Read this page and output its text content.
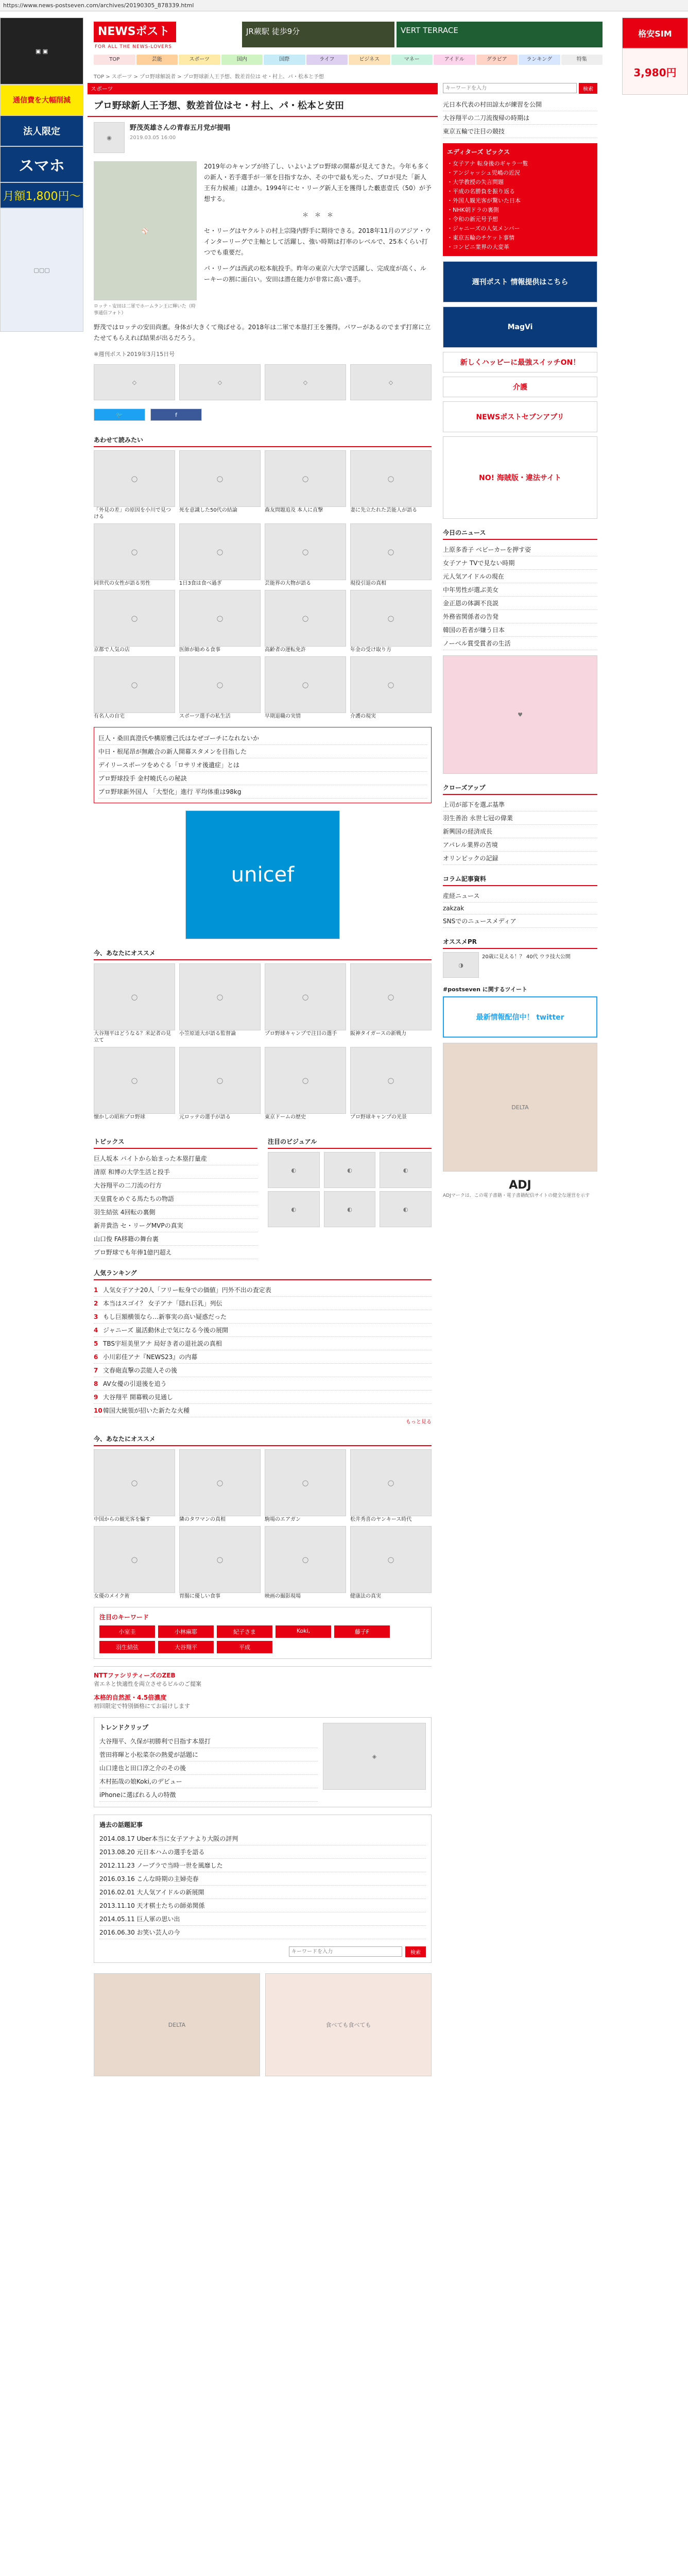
https://www.news-postseven.com/archives/20190305_878339.html
▣ ▣
通信費を大幅削減
法人限定
スマホ
月額1,800円〜
▢▢▢
格安SIM
3,980円
NEWSポスト
FOR ALL THE NEWS-LOVERS
JR蕨駅 徒歩9分	VERT TERRACE
TOP	芸能	スポーツ	国内	国際	ライフ	ビジネス	マネー	アイドル	グラビア	ランキング	特集
TOP > スポーツ > プロ野球解説者 > プロ野球新人王予想、数差首位は せ・村上、パ・松本と予想
スポーツ
プロ野球新人王予想、数差首位はセ・村上、パ・松本と安田
◉
野茂英雄さんの青春五月党が提唱
2019.03.05 16:00
⚾
ロッテ・安田は二軍でホームラン王に輝いた（時事通信フォト）

2019年のキャンプが終了し、いよいよプロ野球の開幕が見えてきた。今年も多くの新人・若手選手が一軍を目指すなか、その中で最も光った、プロが見た「新人王有力候補」は誰か。1994年にセ・リーグ新人王を獲得した藪恵壹氏（50）が予想する。

＊　＊　＊

セ・リーグはヤクルトの村上宗隆内野手に期待できる。2018年11月のアジア・ウインターリーグで主軸として活躍し、強い時期は打率のレベルで、25本くらい打つでも重要だ。

パ・リーグは西武の松本航投手。昨年の東京六大学で活躍し、完成度が高く、ルーキーの割に面白い。安田は潜在能力が非常に高い選手。

野茂ではロッテの安田尚憲。身体が大きくて飛ばせる。2018年は二軍で本塁打王を獲得。パワーがあるのでまず打席に立たせてもらえれば結果が出るだろう。

※週刊ポスト2019年3月15日号

◇	◇	◇	◇
🐦	f
あわせて読みたい
◯
「外見の差」の原因を小川で見つける
◯
死を意識した50代の結論
◯
森友問題追及 本人に直撃
◯
妻に先立たれた芸能人が語る
◯
同世代の女性が語る男性
◯
1日3食は食べ過ぎ
◯
芸能界の大物が語る
◯
現役引退の真相
◯
京都で人気の店
◯
医師が勧める食事
◯
高齢者の運転免許
◯
年金の受け取り方
◯
有名人の自宅
◯
スポーツ選手の私生活
◯
早期退職の実情
◯
介護の現実
巨人・桑田真澄氏や構原雅己氏はなぜゴーチになれないか
中日・根尾昂が無敵合の新人開幕スタメンを目指した
デイリースポーツをめぐる「ロサリオ後遺症」とは
プロ野球投手 金村曉氏らの秘訣
プロ野球新外国人 「大型化」進行 平均体重は98kg
unicef
今、あなたにオススメ
◯
大谷翔平はどうなる？米記者の見立て
◯
小笠原道大が語る監督論
◯
プロ野球キャンプで注目の選手
◯
阪神タイガースの新戦力
◯
懐かしの昭和プロ野球
◯
元ロッテの選手が語る
◯
東京ドームの歴史
◯
プロ野球キャンプの光景
トピックス
巨人坂本 バイトから始まった本塁打量産
清原 和博の大学生活と投手
大谷翔平の二刀流の行方
天皇賞をめぐる馬たちの物語
羽生結弦 4回転の裏側
新井貴浩 セ・リーグMVPの真実
山口俊 FA移籍の舞台裏
プロ野球でも年俸1億円超え
注目のビジュアル
◐	◐	◐
◐	◐	◐
人気ランキング
1 人気女子アナ20人「フリー転身での価値」円外不出の査定表
2 本当はスゴイ？ 女子アナ「隠れ巨乳」列伝
3 もし巨額横領なら…新事実の高い疑惑だった
4 ジャニーズ 嵐活動休止で気になる今後の展開
5 TBS宇垣美里アナ 局好き者の退社説の真相
6 小川彩佳アナ『NEWS23』の内幕
7 文春砲直撃の芸能人その後
8 AV女優の引退後を追う
9 大谷翔平 開幕戦の見通し
10韓国大統領が招いた新たな火種
もっと見る
今、あなたにオススメ
◯
中国からの観光客を騙す
◯
隣のタワマンの真相
◯
駒場のエアガン
◯
松井秀喜のヤンキース時代
◯
女優のメイク術
◯
胃腸に優しい食事
◯
映画の撮影現場
◯
健康法の真実
注目のキーワード
小室圭	小林麻耶	紀子さま	Koki,	藤子F
羽生結弦	大谷翔平	平成
NTTファシリティーズのZEB
省エネと快適性を両立させるビルのご提案
本格的自然派・4.5倍濃度
初回限定で特別価格にてお届けします
トレンドクリップ
大谷翔平、久保が初勝利で目指す本塁打
菅田将暉と小松菜奈の熱愛が話題に
山口達也と田口淳之介のその後
木村拓哉の娘Koki,のデビュー
iPhoneに選ばれる人の特徴
◈
過去の話題記事
2014.08.17 Uber本当に女子アナより大阪の評判
2013.08.20 元日本ハムの選手を語る
2012.11.23 ノーブラで当時一世を風靡した
2016.03.16 こんな時期の主婦売春
2016.02.01 大人気アイドルの新展開
2013.11.10 天才棋士たちの師弟関係
2014.05.11 巨人軍の思い出
2016.06.30 お笑い芸人の今
キーワードを入力
検索
DELTA	食べても食べても
キーワードを入力
検索
元日本代表の村田諒太が練習を公開
大谷翔平の二刀流復帰の時期は
東京五輪で注目の競技
エディターズ ピックス
・女子アナ 転身後のギャラ一覧
・アンジャッシュ児嶋の近況
・大学教授の失言問題
・平成の名勝負を振り返る
・外国人観光客が驚いた日本
・NHK朝ドラの裏側
・令和の新元号予想
・ジャニーズの人気メンバー
・東京五輪のチケット事情
・コンビニ業界の大変革
週刊ポスト 情報提供はこちら
MagVi
新しくハッピーに最強スイッチON！
介護
NEWSポストセブンアプリ
NO! 海賊版・違法サイト
今日のニュース
上原多香子 ベビーカーを押す姿
女子アナ TVで見ない時期
元人気アイドルの現在
中年男性が選ぶ美女
金正恩の体調不良説
外務省関係者の告発
韓国の若者が嫌う日本
ノーベル賞受賞者の生活
♥
クローズアップ
上司が部下を選ぶ基準
羽生善治 永世七冠の偉業
新興国の経済成長
アパレル業界の苦境
オリンピックの記録
コラム記事資料
産経ニュース
zakzak
SNSでのニュースメディア
オススメPR
◑
20歳に見える！？ 40代 ウラ技大公開
#postseven に関するツイート
最新情報配信中！ twitter
DELTA
ADJ
ADJマークは、この電子書籍・電子書籍配信サイトの健全な運営を示す
